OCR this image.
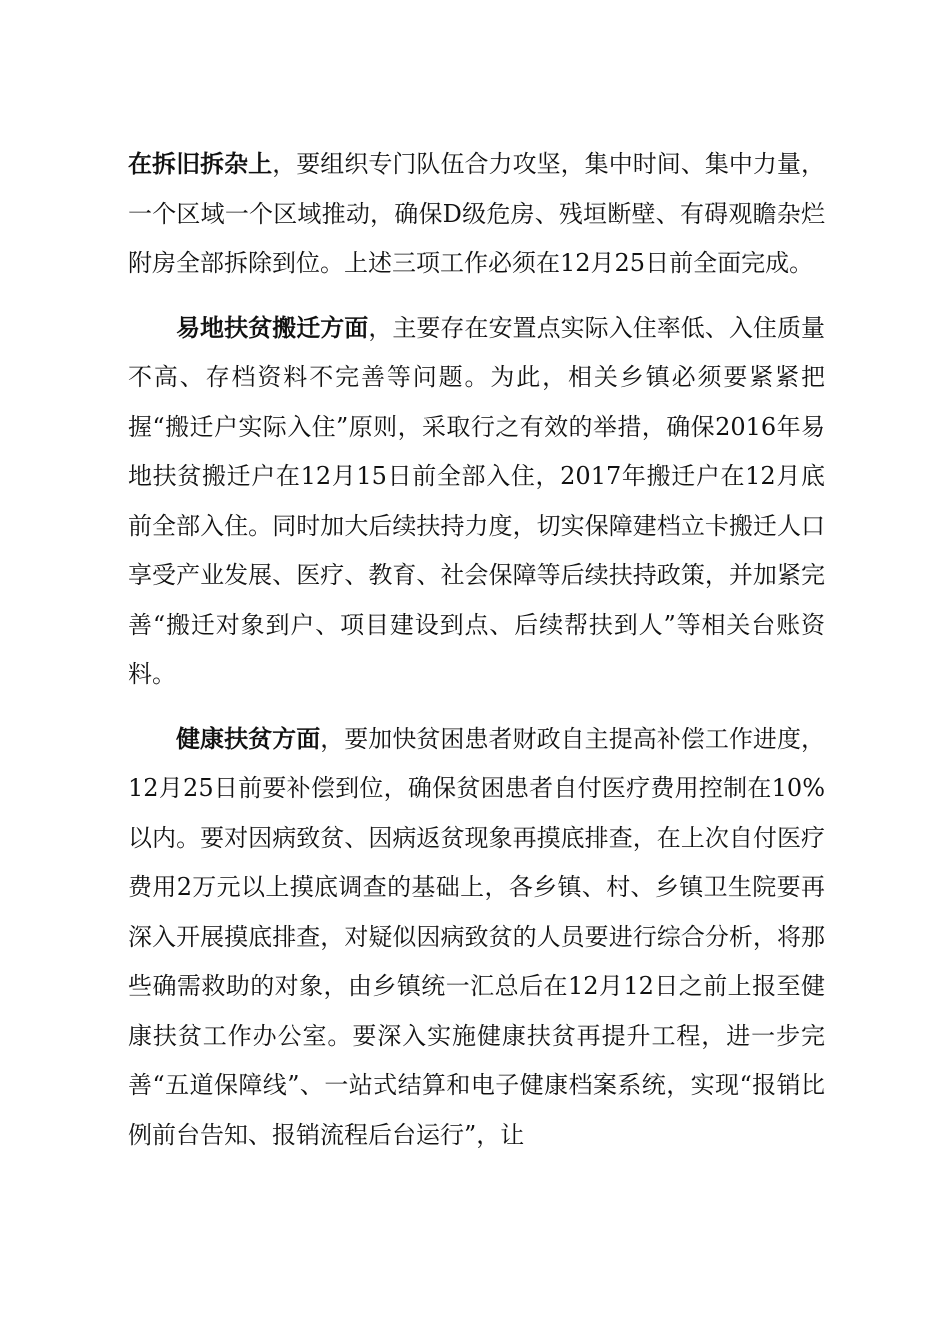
在拆旧拆杂上，要组织专门队伍合力攻坚，集中时间、集中力量，一个区域一个区域推动，确保D级危房、残垣断壁、有碍观瞻杂烂附房全部拆除到位。上述三项工作必须在12月25日前全面完成。

易地扶贫搬迁方面，主要存在安置点实际入住率低、入住质量不高、存档资料不完善等问题。为此，相关乡镇必须要紧紧把握“搬迁户实际入住”原则，采取行之有效的举措，确保2016年易地扶贫搬迁户在12月15日前全部入住，2017年搬迁户在12月底前全部入住。同时加大后续扶持力度，切实保障建档立卡搬迁人口享受产业发展、医疗、教育、社会保障等后续扶持政策，并加紧完善“搬迁对象到户、项目建设到点、后续帮扶到人”等相关台账资料。

健康扶贫方面，要加快贫困患者财政自主提高补偿工作进度，12月25日前要补偿到位，确保贫困患者自付医疗费用控制在10%以内。要对因病致贫、因病返贫现象再摸底排查，在上次自付医疗费用2万元以上摸底调查的基础上，各乡镇、村、乡镇卫生院要再深入开展摸底排查，对疑似因病致贫的人员要进行综合分析，将那些确需救助的对象，由乡镇统一汇总后在12月12日之前上报至健康扶贫工作办公室。要深入实施健康扶贫再提升工程，进一步完善“五道保障线”、一站式结算和电子健康档案系统，实现“报销比例前台告知、报销流程后台运行”，让
